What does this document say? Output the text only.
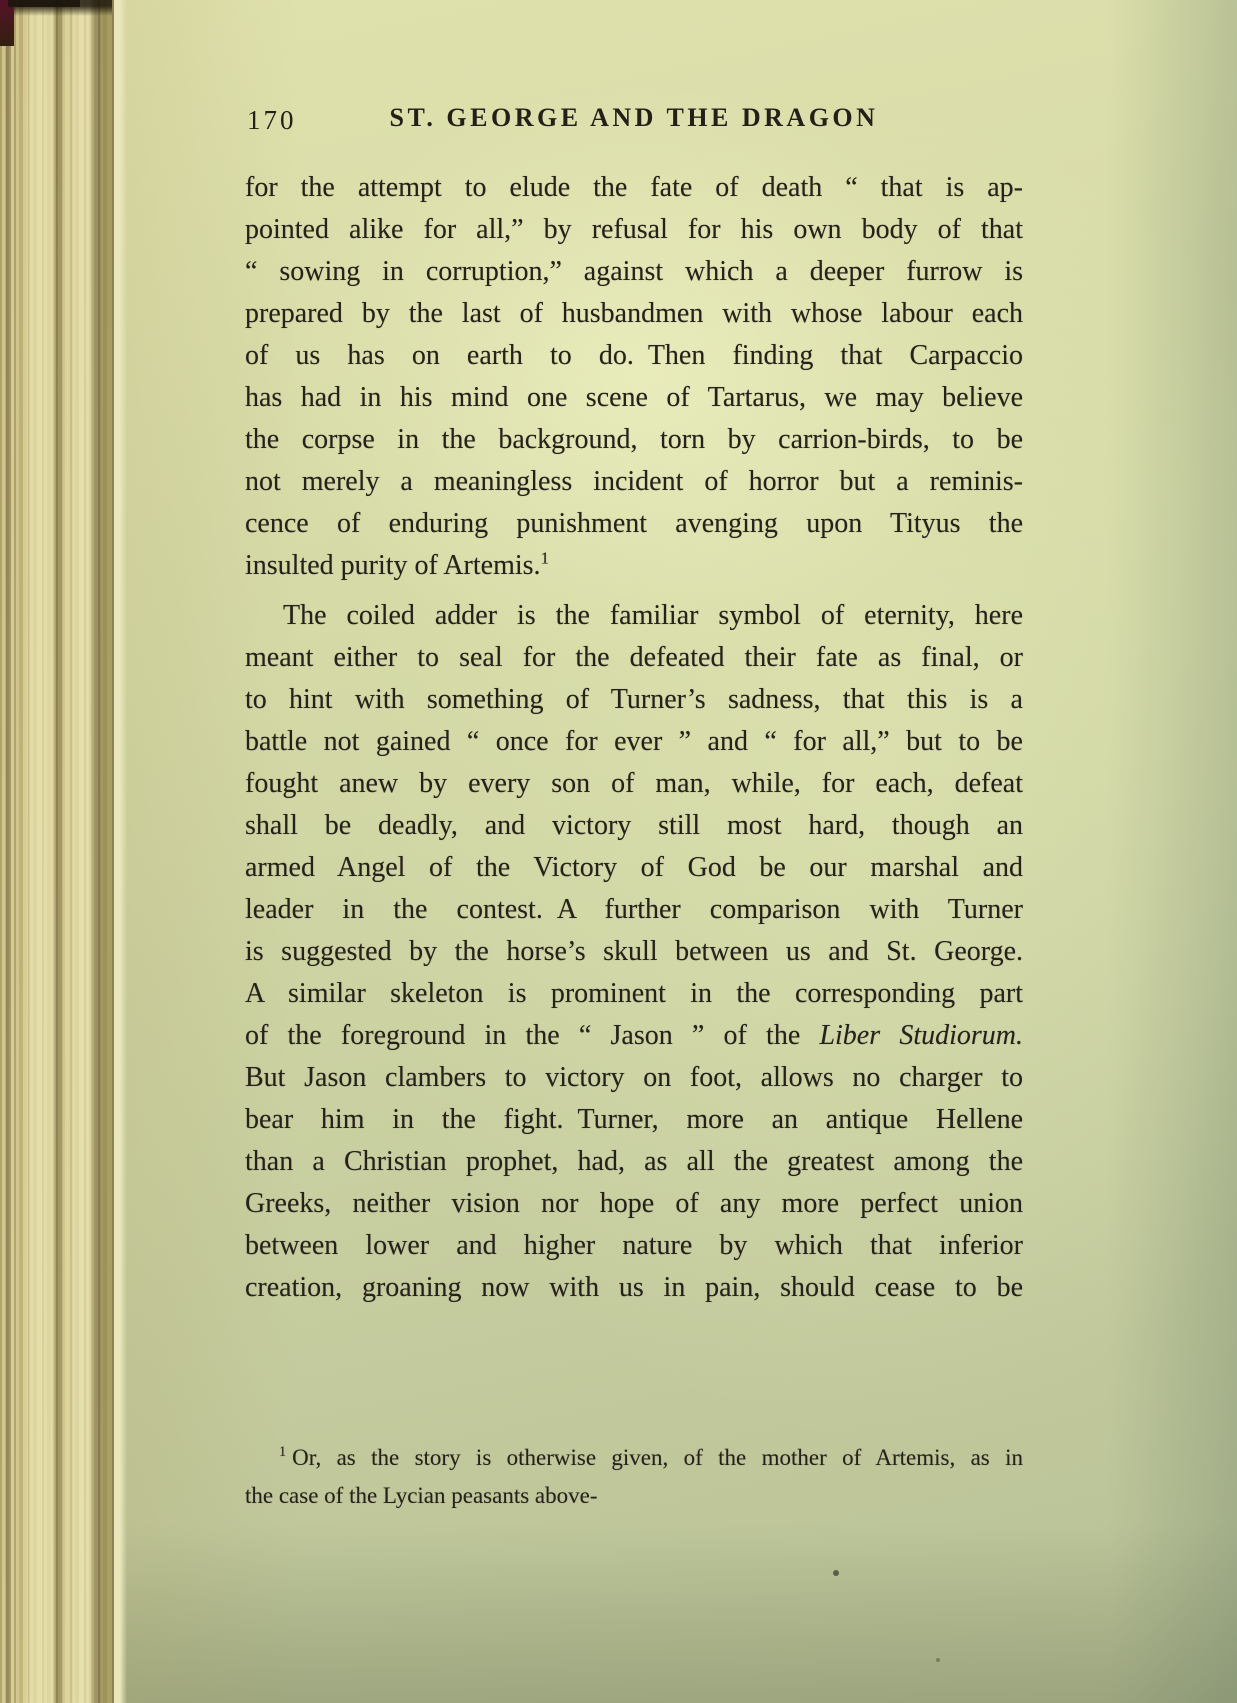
170	ST. GEORGE AND THE DRAGON
for the attempt to elude the fate of death “ that is ap-
pointed alike for all,” by refusal for his own body of that
“ sowing in corruption,” against which a deeper furrow is
prepared by the last of husbandmen with whose labour each
of us has on earth to do. Then finding that Carpaccio
has had in his mind one scene of Tartarus, we may believe
the corpse in the background, torn by carrion-birds, to be
not merely a meaningless incident of horror but a reminis-
cence of enduring punishment avenging upon Tityus the
insulted purity of Artemis.$^1$
The coiled adder is the familiar symbol of eternity, here
meant either to seal for the defeated their fate as final, or
to hint with something of Turner’s sadness, that this is a
battle not gained “ once for ever ” and “ for all,” but to be
fought anew by every son of man, while, for each, defeat
shall be deadly, and victory still most hard, though an
armed Angel of the Victory of God be our marshal and
leader in the contest. A further comparison with Turner
is suggested by the horse’s skull between us and St. George.
A similar skeleton is prominent in the corresponding part
of the foreground in the “ Jason ” of the Liber Studiorum.
But Jason clambers to victory on foot, allows no charger to
bear him in the fight. Turner, more an antique Hellene
than a Christian prophet, had, as all the greatest among the
Greeks, neither vision nor hope of any more perfect union
between lower and higher nature by which that inferior
creation, groaning now with us in pain, should cease to be
$^1$ Or, as the story is otherwise given, of the mother of Artemis, as in
the case of the Lycian peasants above-
